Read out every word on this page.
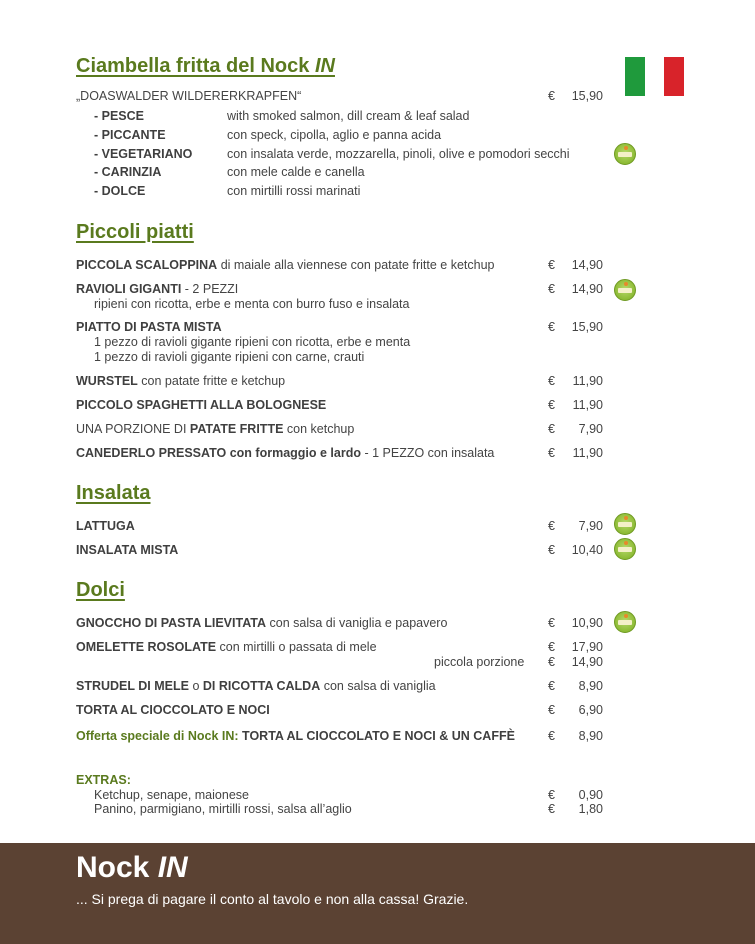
Ciambella fritta del Nock IN
„DOASWALDER WILDERERKRAPFEN“	€	15,90
- PESCE	with smoked salmon, dill cream & leaf salad
- PICCANTE	con speck, cipolla, aglio e panna acida
- VEGETARIANO	con insalata verde, mozzarella, pinoli, olive e pomodori secchi
- CARINZIA	con mele calde e canella
- DOLCE	con mirtilli rossi marinati
Piccoli piatti
PICCOLA SCALOPPINA di maiale alla viennese con patate fritte e ketchup	€	14,90
RAVIOLI GIGANTI - 2 PEZZI
ripieni con ricotta, erbe e menta con burro fuso e insalata
€	14,90
PIATTO DI PASTA MISTA
1 pezzo di ravioli gigante ripieni con ricotta, erbe e menta
1 pezzo di ravioli gigante ripieni con carne, crauti
€	15,90
WURSTEL con patate fritte e ketchup	€	11,90
PICCOLO SPAGHETTI ALLA BOLOGNESE	€	11,90
UNA PORZIONE DI PATATE FRITTE con ketchup	€	7,90
CANEDERLO PRESSATO con formaggio e lardo - 1 PEZZO con insalata	€	11,90
Insalata
LATTUGA	€	7,90
INSALATA MISTA	€	10,40
Dolci
GNOCCHO DI PASTA LIEVITATA con salsa di vaniglia e papavero	€	10,90
OMELETTE ROSOLATE con mirtilli o passata di mele	€	17,90
piccola porzione €	14,90
STRUDEL DI MELE o DI RICOTTA CALDA con salsa di vaniglia	€	8,90
TORTA AL CIOCCOLATO E NOCI	€	6,90
Offerta speciale di Nock IN: TORTA AL CIOCCOLATO E NOCI & UN CAFFÈ	€	8,90
EXTRAS:
Ketchup, senape, maionese	€	0,90
Panino, parmigiano, mirtilli rossi, salsa all’aglio	€	1,80
Nock IN
... Si prega di pagare il conto al tavolo e non alla cassa! Grazie.
